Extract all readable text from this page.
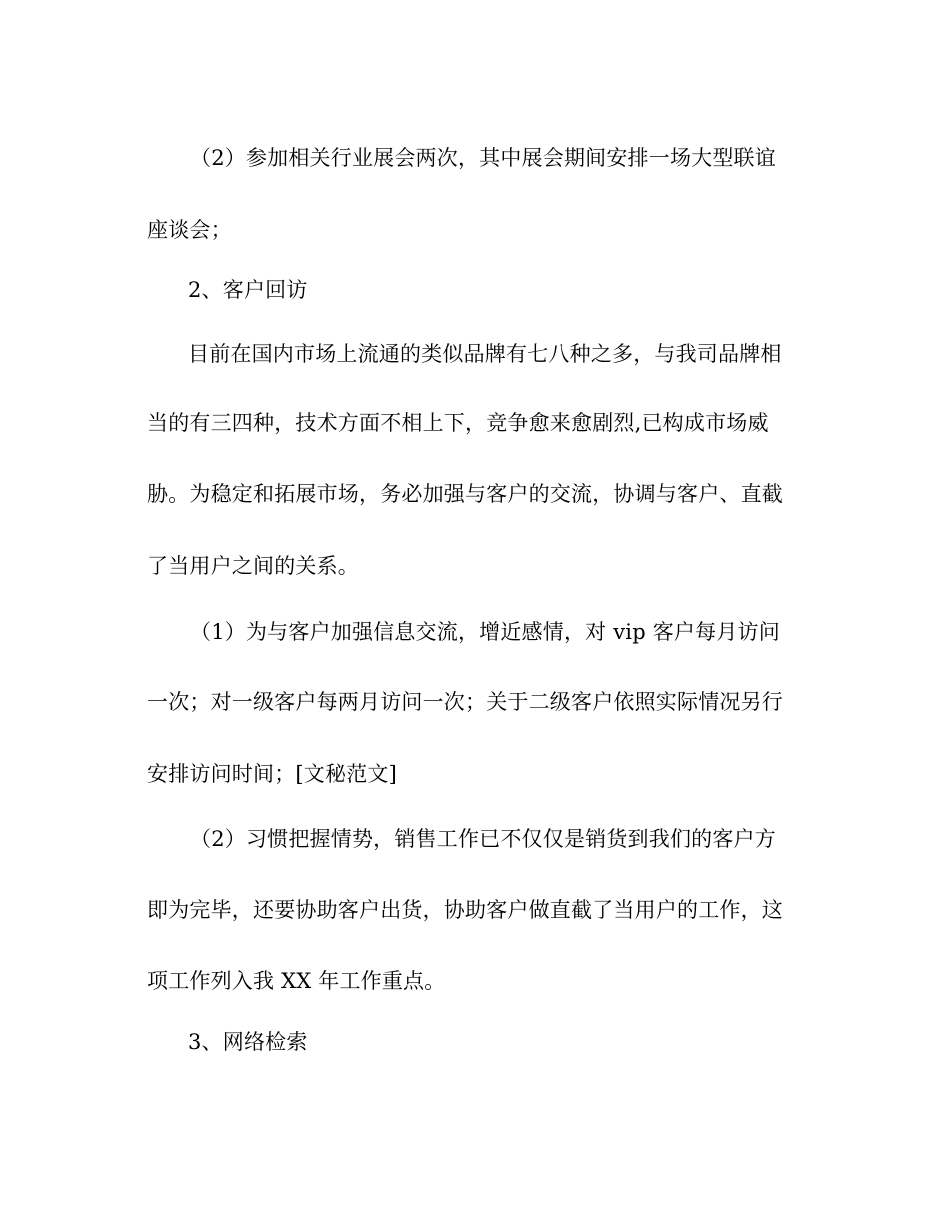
（2）参加相关行业展会两次，其中展会期间安排一场大型联谊
座谈会；
2、客户回访
目前在国内市场上流通的类似品牌有七八种之多，与我司品牌相
当的有三四种，技术方面不相上下，竞争愈来愈剧烈,已构成市场威
胁。为稳定和拓展市场，务必加强与客户的交流，协调与客户、直截
了当用户之间的关系。
（1）为与客户加强信息交流，增近感情，对 vip 客户每月访问
一次；对一级客户每两月访问一次；关于二级客户依照实际情况另行
安排访问时间；[文秘范文]
（2）习惯把握情势，销售工作已不仅仅是销货到我们的客户方
即为完毕，还要协助客户出货，协助客户做直截了当用户的工作，这
项工作列入我 XX 年工作重点。
3、网络检索
